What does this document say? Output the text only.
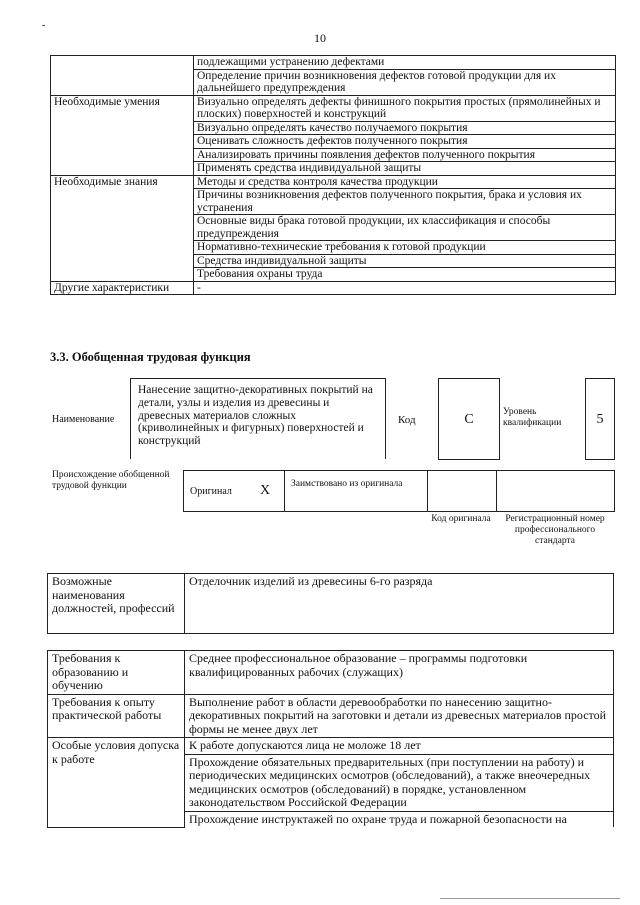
-
10
	подлежащими устранению дефектами
	Определение причин возникновения дефектов готовой продукции для их дальнейшего предупреждения
Необходимые умения	Визуально определять дефекты финишного покрытия простых (прямолинейных и плоских) поверхностей и конструкций
	Визуально определять качество получаемого покрытия
	Оценивать сложность дефектов полученного покрытия
	Анализировать причины появления дефектов полученного покрытия
	Применять средства индивидуальной защиты
Необходимые знания	Методы и средства контроля качества продукции
	Причины возникновения дефектов полученного покрытия, брака и условия их устранения
	Основные виды брака готовой продукции, их классификация и способы предупреждения
	Нормативно-технические требования к готовой продукции
	Средства индивидуальной защиты
	Требования охраны труда
Другие характеристики	-
3.3. Обобщенная трудовая функция
Наименование
Нанесение защитно-декоративных покрытий на детали, узлы и изделия из древесины и древесных материалов сложных (криволинейных и фигурных) поверхностей и конструкций
Код	C	Уровень квалификации	5
Происхождение обобщенной трудовой функции	Оригинал X Заимствовано из оригинала
Код оригинала	Регистрационный номер профессионального стандарта
Возможные наименования должностей, профессий	Отделочник изделий из древесины 6-го разряда
Требования к образованию и обучению	Среднее профессиональное образование – программы подготовки квалифицированных рабочих (служащих)
Требования к опыту практической работы	Выполнение работ в области деревообработки по нанесению защитно-декоративных покрытий на заготовки и детали из древесных материалов простой формы не менее двух лет
Особые условия допуска к работе	К работе допускаются лица не моложе 18 лет
	Прохождение обязательных предварительных (при поступлении на работу) и периодических медицинских осмотров (обследований), а также внеочередных медицинских осмотров (обследований) в порядке, установленном законодательством Российской Федерации
	Прохождение инструктажей по охране труда и пожарной безопасности на
